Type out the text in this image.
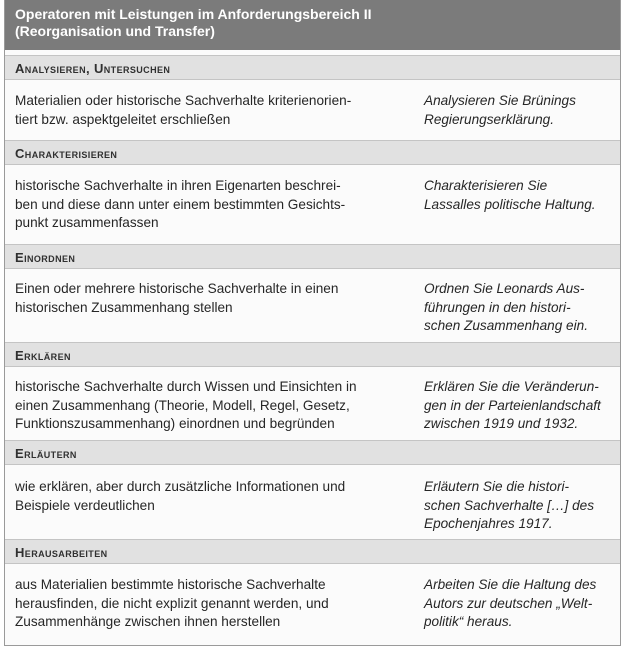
Operatoren mit Leistungen im Anforderungsbereich II
(Reorganisation und Transfer)
Analysieren, Untersuchen

Materialien oder historische Sachverhalte kriterienorien-
tiert bzw. aspektgeleitet erschließen

Analysieren Sie Brünings
Regierungserklärung.

Charakterisieren

historische Sachverhalte in ihren Eigenarten beschrei-
ben und diese dann unter einem bestimmten Gesichts-
punkt zusammenfassen

Charakterisieren Sie
Lassalles politische Haltung.

Einordnen

Einen oder mehrere historische Sachverhalte in einen
historischen Zusammenhang stellen

Ordnen Sie Leonards Aus-
führungen in den histori-
schen Zusammenhang ein.

Erklären

historische Sachverhalte durch Wissen und Einsichten in
einen Zusammenhang (Theorie, Modell, Regel, Gesetz,
Funktionszusammenhang) einordnen und begründen

Erklären Sie die Veränderun-
gen in der Parteienlandschaft
zwischen 1919 und 1932.

Erläutern

wie erklären, aber durch zusätzliche Informationen und
Beispiele verdeutlichen

Erläutern Sie die histori-
schen Sachverhalte […] des
Epochenjahres 1917.

Herausarbeiten

aus Materialien bestimmte historische Sachverhalte
herausfinden, die nicht explizit genannt werden, und
Zusammenhänge zwischen ihnen herstellen

Arbeiten Sie die Haltung des
Autors zur deutschen „Welt-
politik“ heraus.
